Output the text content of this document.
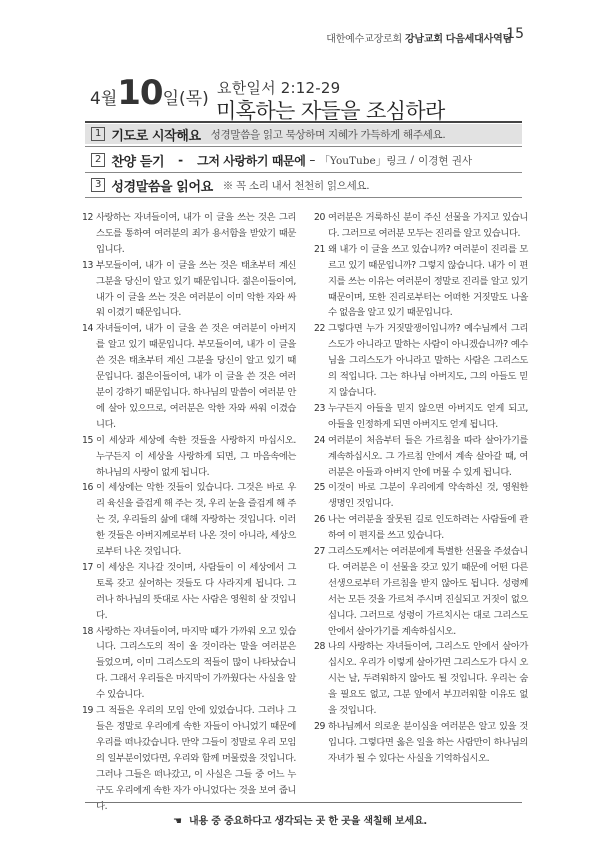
대한예수교장로회 강남교회 다음세대사역팀
15
4 월 10 일 (목)
요한일서 2:12-29
미혹하는 자들을 조심하라
1 기도로 시작해요 성경말씀을 읽고 묵상하며 지혜가 가득하게 해주세요.
2 찬양 듣기 - 그저 사랑하기 때문에 – 「YouTube」링크 / 이경현 권사
3 성경말씀을 읽어요 ※ 꼭 소리 내서 천천히 읽으세요.
12 사랑하는 자녀들이여, 내가 이 글을 쓰는 것은 그리스도를 통하여 여러분의 죄가 용서함을 받았기 때문입니다.
13 부모들이여, 내가 이 글을 쓰는 것은 태초부터 계신 그분을 당신이 알고 있기 때문입니다. 젊은이들이여, 내가 이 글을 쓰는 것은 여러분이 이미 악한 자와 싸워 이겼기 때문입니다.
14 자녀들이여, 내가 이 글을 쓴 것은 여러분이 아버지를 알고 있기 때문입니다. 부모들이여, 내가 이 글을 쓴 것은 태초부터 계신 그분을 당신이 알고 있기 때문입니다. 젊은이들이여, 내가 이 글을 쓴 것은 여러분이 강하기 때문입니다. 하나님의 말씀이 여러분 안에 살아 있으므로, 여러분은 악한 자와 싸워 이겼습니다.
15 이 세상과 세상에 속한 것들을 사랑하지 마십시오. 누구든지 이 세상을 사랑하게 되면, 그 마음속에는 하나님의 사랑이 없게 됩니다.
16 이 세상에는 악한 것들이 있습니다. 그것은 바로 우리 육신을 즐겁게 해 주는 것, 우리 눈을 즐겁게 해 주는 것, 우리들의 삶에 대해 자랑하는 것입니다. 이러한 것들은 아버지께로부터 나온 것이 아니라, 세상으로부터 나온 것입니다.
17 이 세상은 지나갈 것이며, 사람들이 이 세상에서 그토록 갖고 싶어하는 것들도 다 사라지게 됩니다. 그러나 하나님의 뜻대로 사는 사람은 영원히 살 것입니다.
18 사랑하는 자녀들이여, 마지막 때가 가까워 오고 있습니다. 그리스도의 적이 올 것이라는 말을 여러분은 들었으며, 이미 그리스도의 적들이 많이 나타났습니다. 그래서 우리들은 마지막이 가까웠다는 사실을 알 수 있습니다.
19 그 적들은 우리의 모임 안에 있었습니다. 그러나 그들은 정말로 우리에게 속한 자들이 아니었기 때문에 우리를 떠나갔습니다. 만약 그들이 정말로 우리 모임의 일부분이었다면, 우리와 함께 머물렀을 것입니다. 그러나 그들은 떠나갔고, 이 사실은 그들 중 어느 누구도 우리에게 속한 자가 아니었다는 것을 보여 줍니다.
20 여러분은 거룩하신 분이 주신 선물을 가지고 있습니다. 그러므로 여러분 모두는 진리를 알고 있습니다.
21 왜 내가 이 글을 쓰고 있습니까? 여러분이 진리를 모르고 있기 때문입니까? 그렇지 않습니다. 내가 이 편지를 쓰는 이유는 여러분이 정말로 진리를 알고 있기 때문이며, 또한 진리로부터는 어떠한 거짓말도 나올 수 없음을 알고 있기 때문입니다.
22 그렇다면 누가 거짓말쟁이입니까? 예수님께서 그리스도가 아니라고 말하는 사람이 아니겠습니까? 예수님을 그리스도가 아니라고 말하는 사람은 그리스도의 적입니다. 그는 하나님 아버지도, 그의 아들도 믿지 않습니다.
23 누구든지 아들을 믿지 않으면 아버지도 얻게 되고, 아들을 인정하게 되면 아버지도 얻게 됩니다.
24 여러분이 처음부터 들은 가르침을 따라 살아가기를 계속하십시오. 그 가르침 안에서 계속 살아갈 때, 여러분은 아들과 아버지 안에 머물 수 있게 됩니다.
25 이것이 바로 그분이 우리에게 약속하신 것, 영원한 생명인 것입니다.
26 나는 여러분을 잘못된 길로 인도하려는 사람들에 관하여 이 편지를 쓰고 있습니다.
27 그리스도께서는 여러분에게 특별한 선물을 주셨습니다. 여러분은 이 선물을 갖고 있기 때문에 어떤 다른 선생으로부터 가르침을 받지 않아도 됩니다. 성령께서는 모든 것을 가르쳐 주시며 진실되고 거짓이 없으십니다. 그러므로 성령이 가르치시는 대로 그리스도 안에서 살아가기를 계속하십시오.
28 나의 사랑하는 자녀들이여, 그리스도 안에서 살아가십시오. 우리가 이렇게 살아가면 그리스도가 다시 오시는 날, 두려워하지 않아도 될 것입니다. 우리는 숨을 필요도 없고, 그분 앞에서 부끄러워할 이유도 없을 것입니다.
29 하나님께서 의로운 분이심을 여러분은 알고 있을 것입니다. 그렇다면 옳은 일을 하는 사람만이 하나님의 자녀가 될 수 있다는 사실을 기억하십시오.
☚ 내용 중 중요하다고 생각되는 곳 한 곳을 색칠해 보세요.
